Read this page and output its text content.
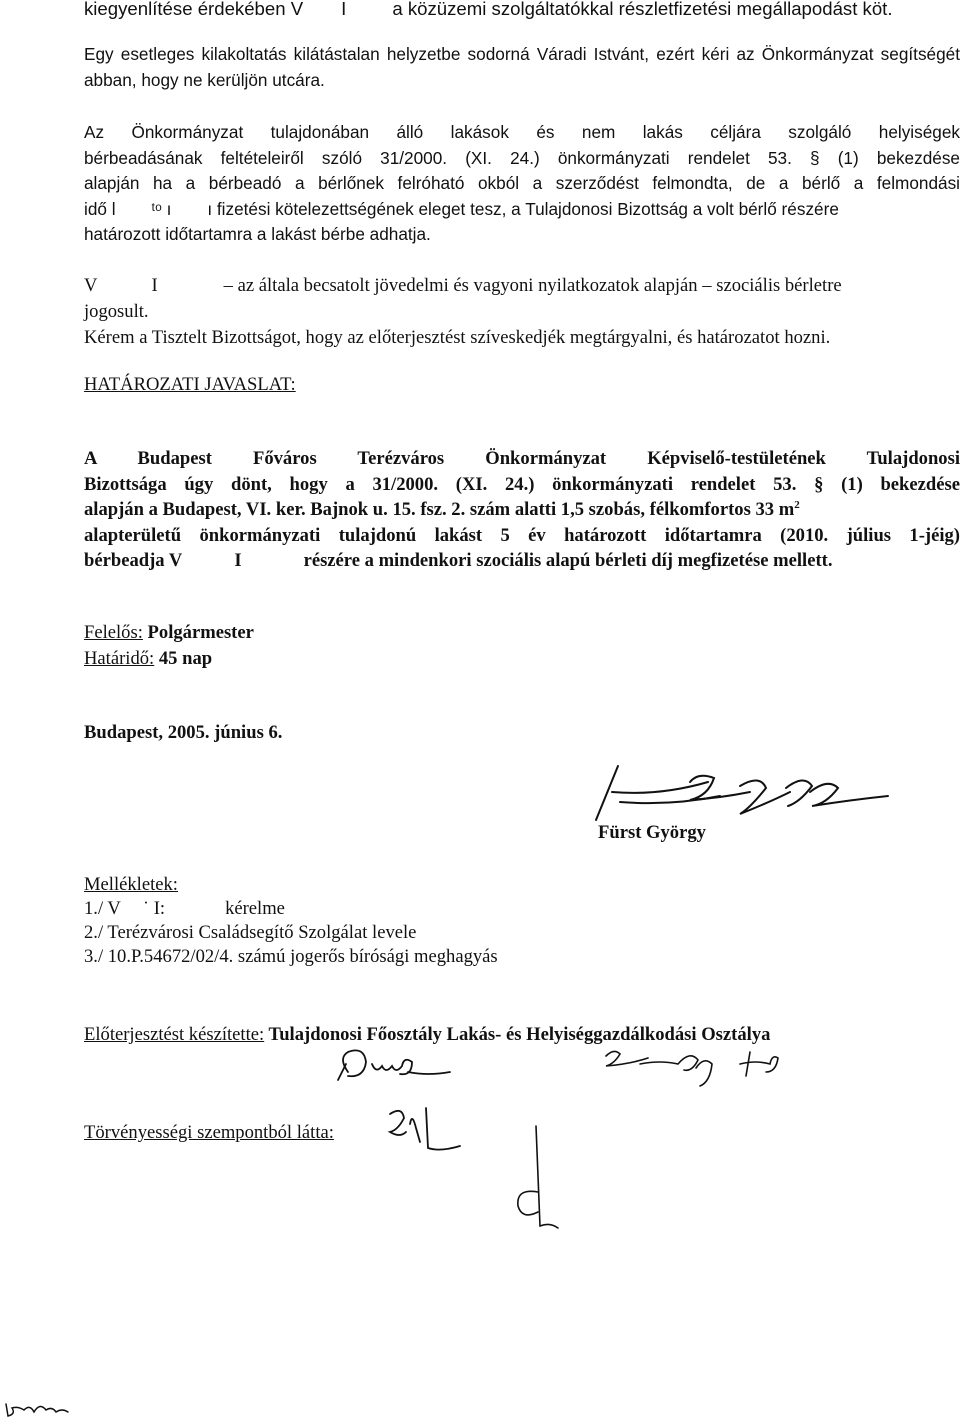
kiegyenlítése érdekében V I a közüzemi szolgáltatókkal részletfizetési megállapodást köt.

Egy esetleges kilakoltatás kilátástalan helyzetbe sodorná Váradi Istvánt, ezért kéri az Önkormányzat segítségét abban, hogy ne kerüljön utcára.

Az Önkormányzat tulajdonában álló lakások és nem lakás céljára szolgáló helyiségek
bérbeadásának feltételeiről szóló 31/2000. (XI. 24.) önkormányzati rendelet 53. § (1) bekezdése
alapján ha a bérbeadó a bérlőnek felróható okból a szerződést felmondta, de a bérlő a felmondási
idő l ᵗᵒ ı ı fizetési kötelezettségének eleget tesz, a Tulajdonosi Bizottság a volt bérlő részére
határozott időtartamra a lakást bérbe adhatja.
V	I	– az általa becsatolt jövedelmi és vagyoni nyilatkozatok alapján – szociális bérletre
jogosult.

Kérem a Tisztelt Bizottságot, hogy az előterjesztést szíveskedjék megtárgyalni, és határozatot hozni.

HATÁROZATI JAVASLAT:

A Budapest Főváros Terézváros Önkormányzat Képviselő-testületének Tulajdonosi
Bizottsága úgy dönt, hogy a 31/2000. (XI. 24.) önkormányzati rendelet 53. § (1) bekezdése
alapján a Budapest, VI. ker. Bajnok u. 15. fsz. 2. szám alatti 1,5 szobás, félkomfortos 33 $m^2$
alapterületű önkormányzati tulajdonú lakást 5 év határozott időtartamra (2010. július 1-jéig)
bérbeadja V	I	részére a mindenkori szociális alapú bérleti díj megfizetése mellett.

Felelős: Polgármester

Határidő: 45 nap

Budapest, 2005. június 6.

Fürst György

Mellékletek:

1./ V ˙ I:	kérelme

2./ Terézvárosi Családsegítő Szolgálat levele

3./ 10.P.54672/02/4. számú jogerős bírósági meghagyás

Előterjesztést készítette: Tulajdonosi Főosztály Lakás- és Helyiséggazdálkodási Osztálya

Törvényességi szempontból látta:
